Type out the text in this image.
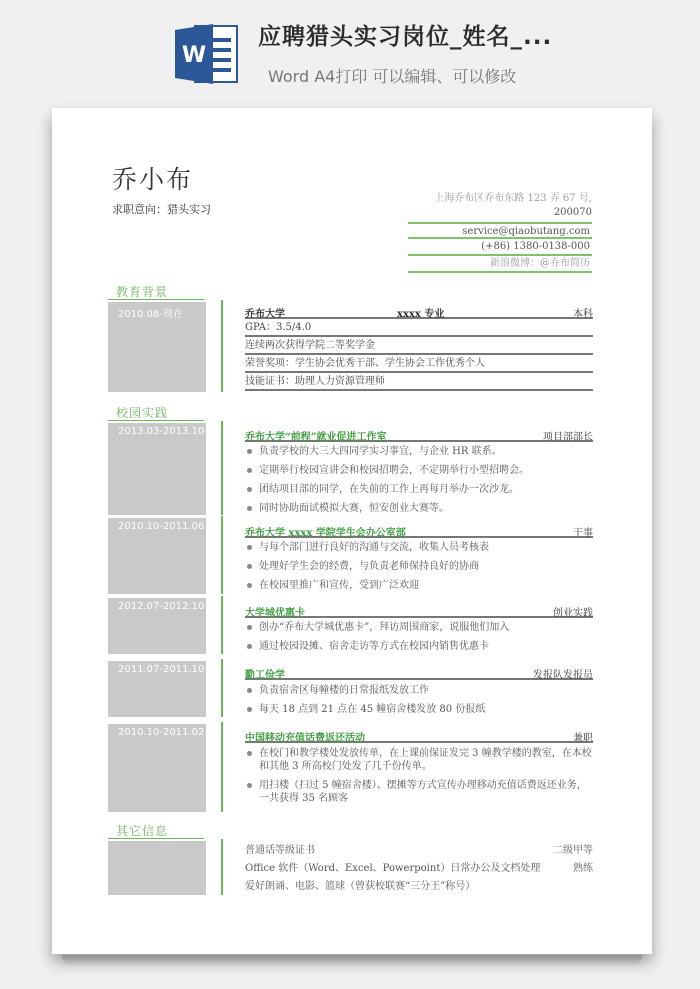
W
应聘猎头实习岗位_姓名_...
Word A4打印 可以编辑、可以修改
乔小布
求职意向：猎头实习
上海乔布区乔布东路 123 弄 67 号,
200070
service@qiaobutang.com
(+86) 1380-0138-000
新浪微博：@乔布简历
教育背景
2010.08-现在	乔布大学	xxxx 专业	本科
GPA：3.5/4.0
连续两次获得学院二等奖学金
荣誉奖项：学生协会优秀干部、学生协会工作优秀个人
技能证书：助理人力资源管理师
校园实践
2013.03-2013.10
乔布大学“前程”就业促进工作室	项目部部长
负责学校的大三大四同学实习事宜，与企业 HR 联系。
定期举行校园宣讲会和校园招聘会，不定期举行小型招聘会。
团结项目部的同学，在失前的工作上再每月举办一次沙龙。
同时协助面试模拟大赛，恒安创业大赛等。
2010.10-2011.06
乔布大学 xxxx 学院学生会办公室部	干事
与每个部门进行良好的沟通与交流，收集人员考核表
处理好学生会的经费，与负责老师保持良好的协商
在校园里推广和宣传，受到广泛欢迎
2012.07-2012.10
大学城优惠卡	创业实践
创办“乔布大学城优惠卡”，拜访周围商家，说服他们加入
通过校园设摊、宿舍走访等方式在校园内销售优惠卡
2011.07-2011.10
勤工俭学	发报队发报员
负责宿舍区每幢楼的日常报纸发放工作
每天 18 点到 21 点在 45 幢宿舍楼发放 80 份报纸
2010.10-2011.02
中国移动充值话费返还活动	兼职
在校门和教学楼处发放传单，在上课前保证发完 3 幢教学楼的教室，在本校和其他 3 所高校门处发了几千份传单。
用扫楼（扫过 5 幢宿舍楼）、摆摊等方式宣传办理移动充值话费返还业务，一共获得 35 名顾客
其它信息
普通话等级证书	二级甲等
Office 软件（Word、Excel、Powerpoint）日常办公及文档处理	熟练
爱好朗诵、电影、篮球（曾获校联赛“三分王”称号）
